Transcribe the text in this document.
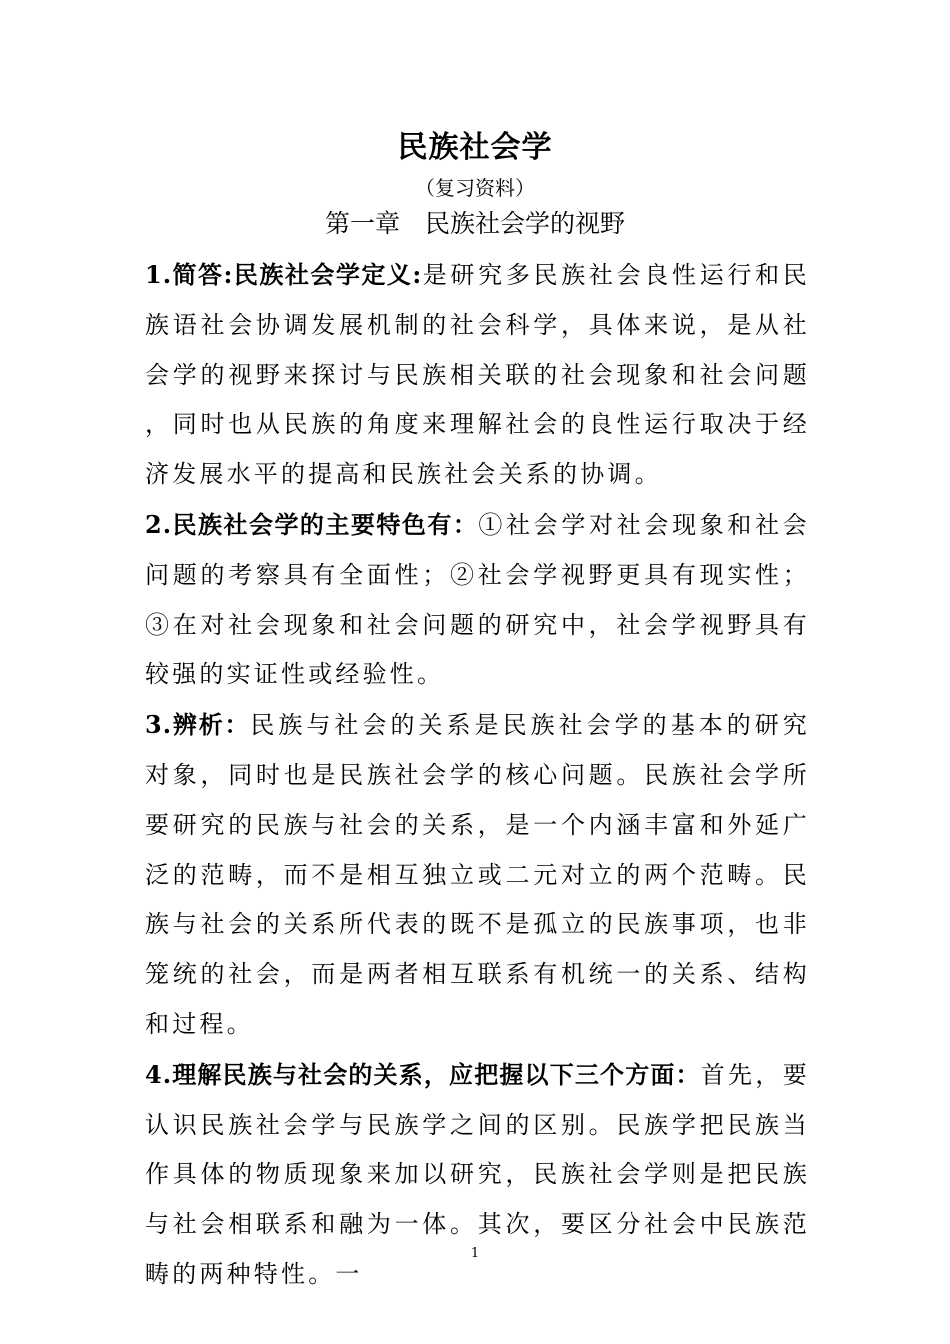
民族社会学
（复习资料）
第一章　民族社会学的视野

1.简答:民族社会学定义:是研究多民族社会良性运行和民族语社会协调发展机制的社会科学，具体来说，是从社会学的视野来探讨与民族相关联的社会现象和社会问题，同时也从民族的角度来理解社会的良性运行取决于经济发展水平的提高和民族社会关系的协调。

2.民族社会学的主要特色有：①社会学对社会现象和社会问题的考察具有全面性；②社会学视野更具有现实性；③在对社会现象和社会问题的研究中，社会学视野具有较强的实证性或经验性。

3.辨析：民族与社会的关系是民族社会学的基本的研究对象，同时也是民族社会学的核心问题。民族社会学所要研究的民族与社会的关系，是一个内涵丰富和外延广泛的范畴，而不是相互独立或二元对立的两个范畴。民族与社会的关系所代表的既不是孤立的民族事项，也非笼统的社会，而是两者相互联系有机统一的关系、结构和过程。

4.理解民族与社会的关系，应把握以下三个方面：首先，要认识民族社会学与民族学之间的区别。民族学把民族当作具体的物质现象来加以研究，民族社会学则是把民族与社会相联系和融为一体。其次，要区分社会中民族范畴的两种特性。一

1
